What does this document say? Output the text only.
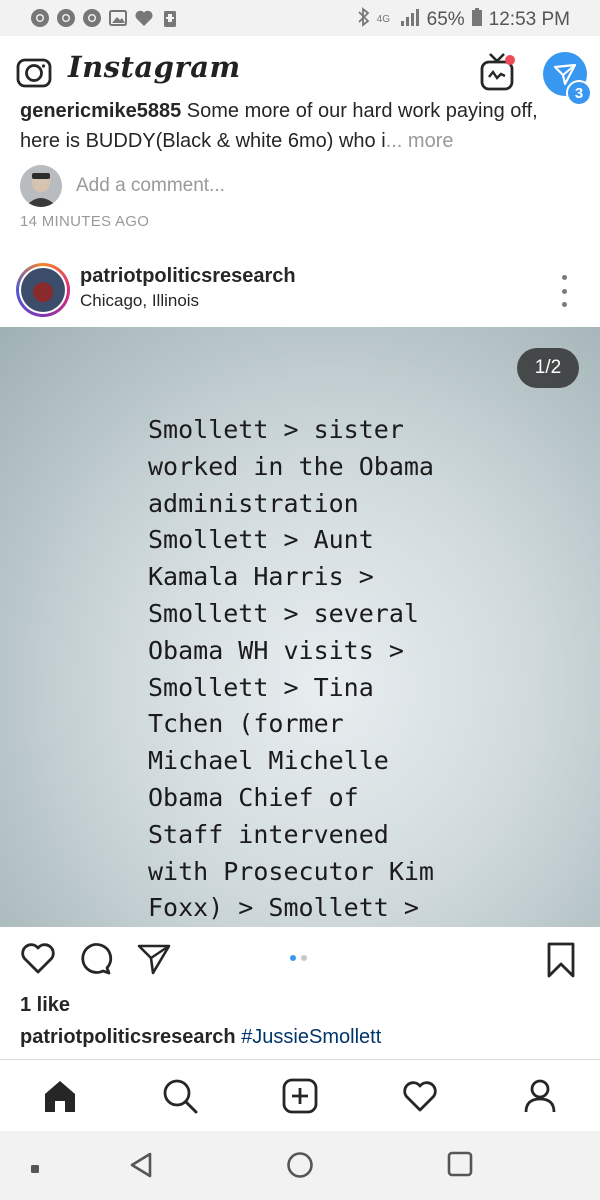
4G 65% 12:53 PM
Instagram
3
genericmike5885 Some more of our hard work paying off, here is BUDDY(Black & white 6mo) who i... more
Add a comment...
14 MINUTES AGO
patriotpoliticsresearch
Chicago, Illinois
1/2
Smollett > sister
worked in the Obama
administration
Smollett > Aunt
Kamala Harris >
Smollett > several
Obama WH visits >
Smollett > Tina
Tchen (former
Michael Michelle
Obama Chief of
Staff intervened
with Prosecutor Kim
Foxx) > Smollett >
1 like
patriotpoliticsresearch #JussieSmollett
